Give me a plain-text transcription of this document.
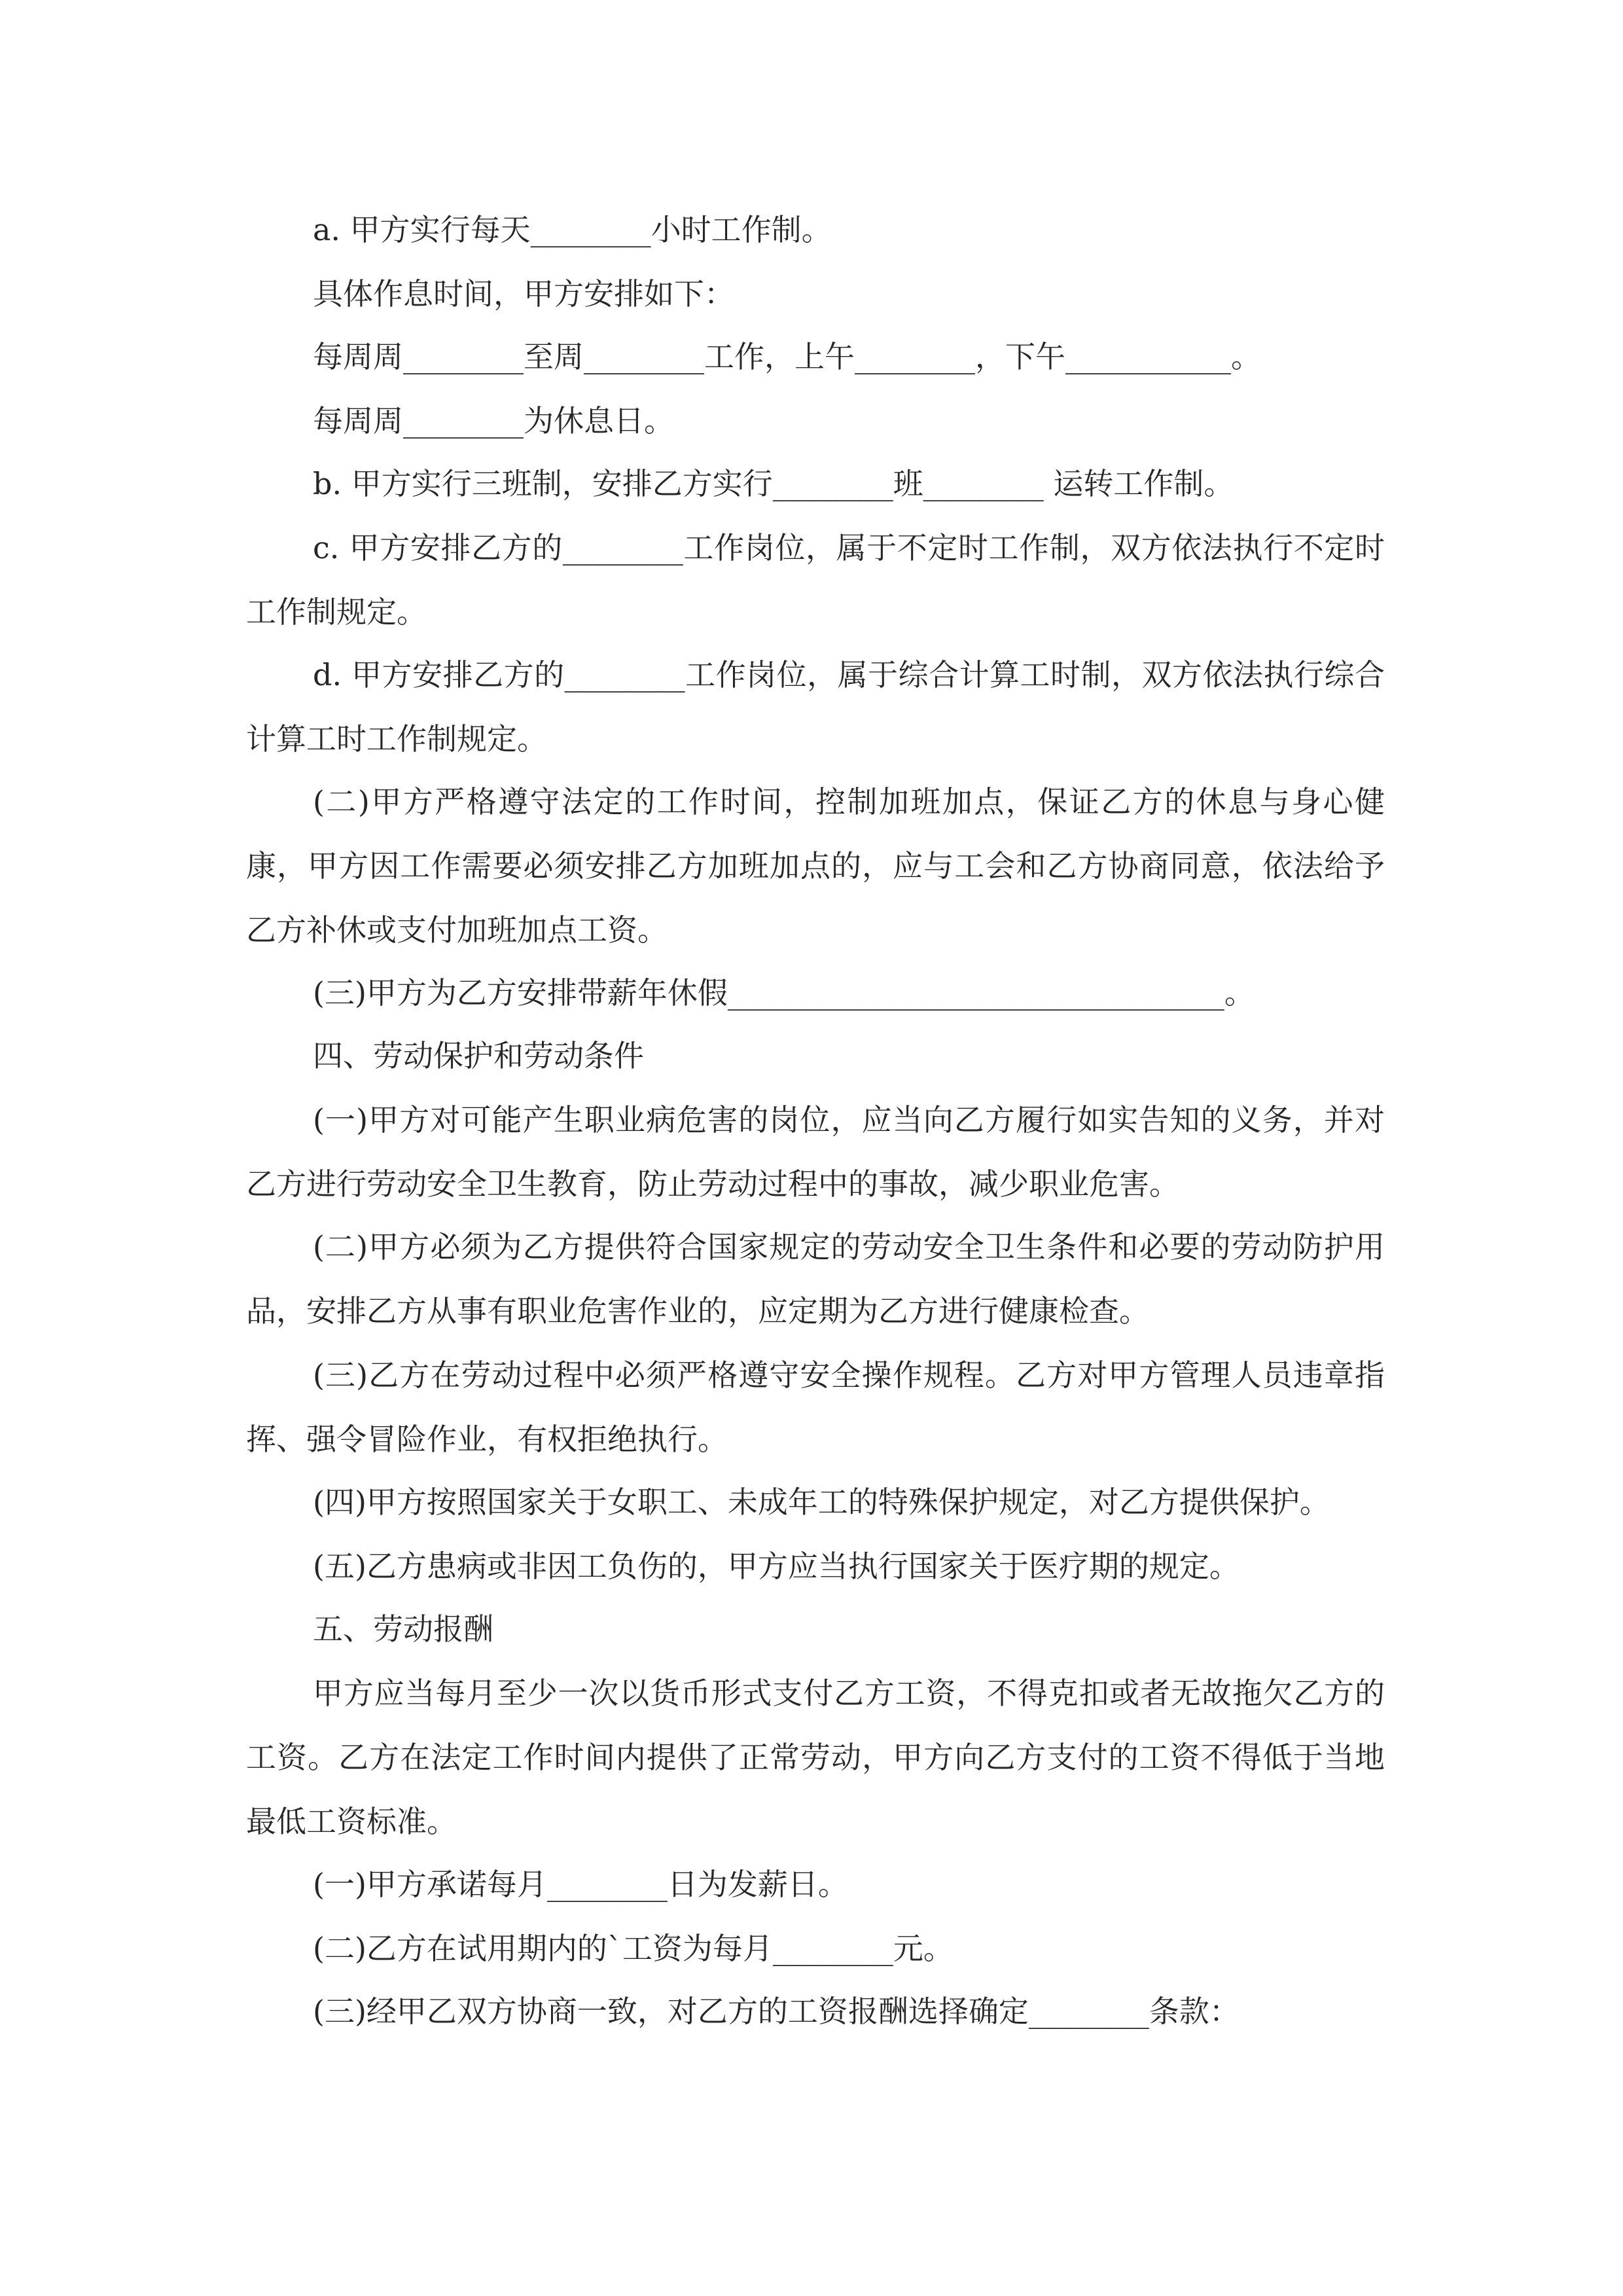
a. 甲方实行每天________小时工作制。

具体作息时间，甲方安排如下：

每周周________至周________工作，上午________，下午___________。

每周周________为休息日。

b. 甲方实行三班制，安排乙方实行________班________ 运转工作制。

c. 甲方安排乙方的________工作岗位，属于不定时工作制，双方依法执行不定时工作制规定。

d. 甲方安排乙方的________工作岗位，属于综合计算工时制，双方依法执行综合计算工时工作制规定。

(二)甲方严格遵守法定的工作时间，控制加班加点，保证乙方的休息与身心健康，甲方因工作需要必须安排乙方加班加点的，应与工会和乙方协商同意，依法给予乙方补休或支付加班加点工资。

(三)甲方为乙方安排带薪年休假_________________________________。

四、劳动保护和劳动条件

(一)甲方对可能产生职业病危害的岗位，应当向乙方履行如实告知的义务，并对乙方进行劳动安全卫生教育，防止劳动过程中的事故，减少职业危害。

(二)甲方必须为乙方提供符合国家规定的劳动安全卫生条件和必要的劳动防护用品，安排乙方从事有职业危害作业的，应定期为乙方进行健康检查。

(三)乙方在劳动过程中必须严格遵守安全操作规程。乙方对甲方管理人员违章指挥、强令冒险作业，有权拒绝执行。

(四)甲方按照国家关于女职工、未成年工的特殊保护规定，对乙方提供保护。

(五)乙方患病或非因工负伤的，甲方应当执行国家关于医疗期的规定。

五、劳动报酬

甲方应当每月至少一次以货币形式支付乙方工资，不得克扣或者无故拖欠乙方的工资。乙方在法定工作时间内提供了正常劳动，甲方向乙方支付的工资不得低于当地最低工资标准。

(一)甲方承诺每月________日为发薪日。

(二)乙方在试用期内的`工资为每月________元。

(三)经甲乙双方协商一致，对乙方的工资报酬选择确定________条款：
